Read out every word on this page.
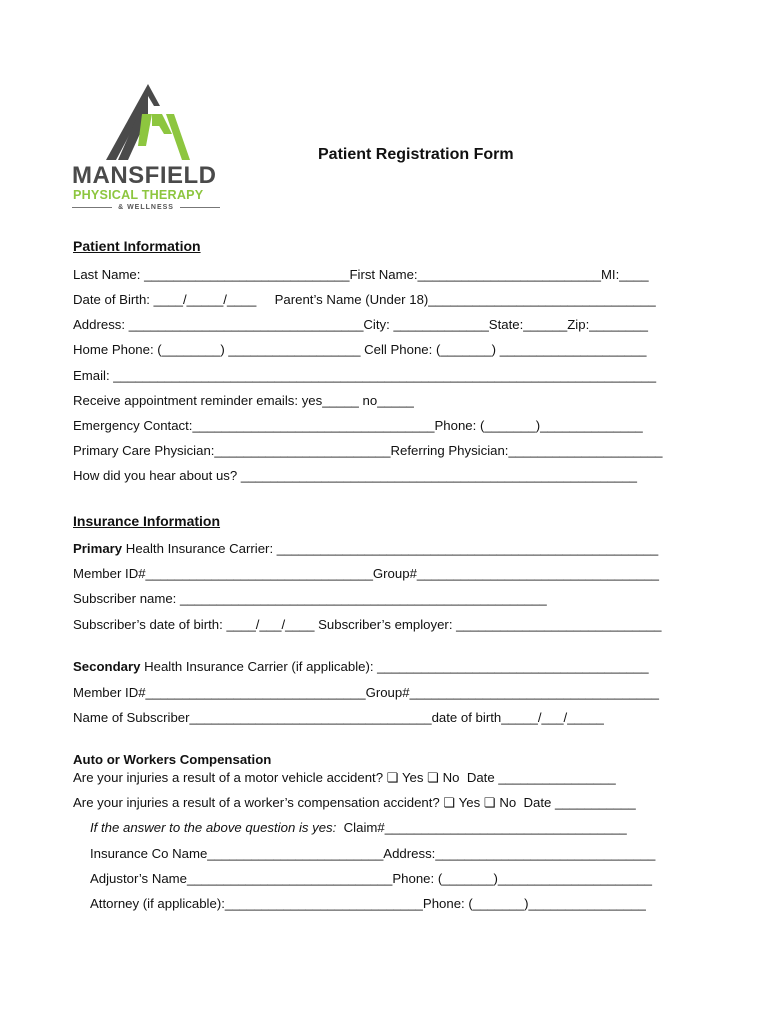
MANSFIELD
PHYSICAL THERAPY
& WELLNESS
Patient Registration Form
Patient Information
Last Name: ____________________________First Name:_________________________MI:____
Date of Birth: ____/_____/____     Parent’s Name (Under 18)_______________________________
Address: ________________________________City: _____________State:______Zip:________
Home Phone: (________) __________________ Cell Phone: (_______) ____________________
Email: __________________________________________________________________________
Receive appointment reminder emails: yes_____ no_____
Emergency Contact:_________________________________Phone: (_______)______________
Primary Care Physician:________________________Referring Physician:_____________________
How did you hear about us? ______________________________________________________
Insurance Information
Primary Health Insurance Carrier: ____________________________________________________
Member ID#_______________________________Group#_________________________________
Subscriber name: __________________________________________________
Subscriber’s date of birth: ____/___/____ Subscriber’s employer: ____________________________
Secondary Health Insurance Carrier (if applicable): _____________________________________
Member ID#______________________________Group#__________________________________
Name of Subscriber_________________________________date of birth_____/___/_____
Auto or Workers Compensation
Are your injuries a result of a motor vehicle accident? ❏ Yes ❏ No  Date ________________
Are your injuries a result of a worker’s compensation accident? ❏ Yes ❏ No  Date ___________
If the answer to the above question is yes:  Claim#_________________________________
Insurance Co Name________________________Address:______________________________
Adjustor’s Name____________________________Phone: (_______)_____________________
Attorney (if applicable):___________________________Phone: (_______)________________
